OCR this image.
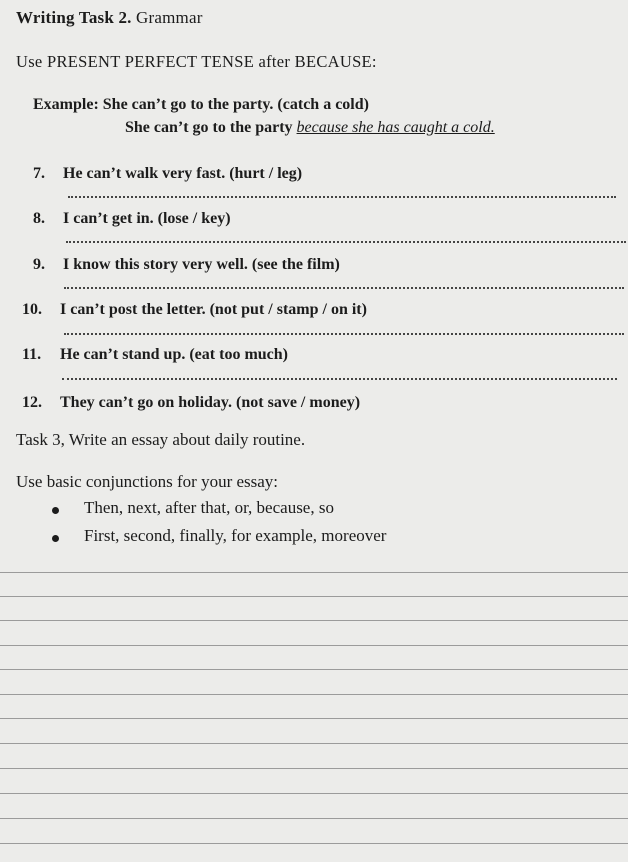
Writing Task 2. Grammar
Use PRESENT PERFECT TENSE after BECAUSE:
Example: She can’t go to the party. (catch a cold)
She can’t go to the party because she has caught a cold.
7. He can’t walk very fast. (hurt / leg)
8. I can’t get in. (lose / key)
9. I know this story very well. (see the film)
10. I can’t post the letter. (not put / stamp / on it)
11. He can’t stand up. (eat too much)
12. They can’t go on holiday. (not save / money)
Task 3, Write an essay about daily routine.
Use basic conjunctions for your essay:
Then, next, after that, or, because, so
First, second, finally, for example, moreover
